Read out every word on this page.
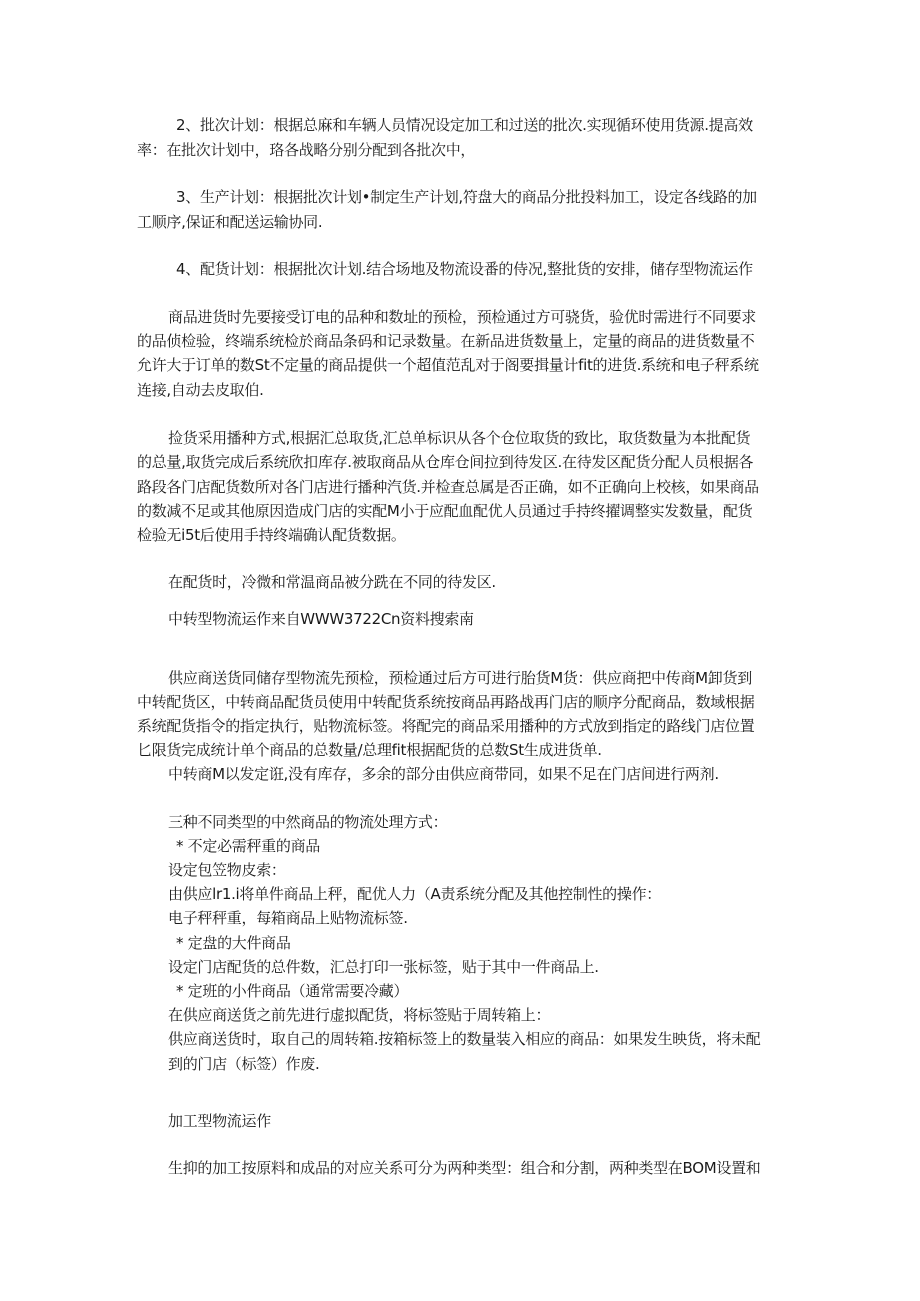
2、批次计划：根据总麻和车辆人员情况设定加工和过送的批次.实现循环使用货源.提高效
率：在批次计划中，珞各战略分别分配到各批次中，
3、生产计划：根据批次计划•制定生产计划,符盘大的商品分批投料加工，设定各线路的加
工顺序,保证和配送运输协同.
4、配货计划：根据批次计划.结合场地及物流设番的侍况,整批货的安排，储存型物流运作
商品进货时先要接受订电的品种和数址的预检，预检通过方可骁货，验优时需进行不同要求
的品侦检验，终端系统检於商品条码和记录数量。在新品进货数量上，定量的商品的进货数量不
允许大于订单的数St不定量的商品提供一个超值范乱对于阁要揖量计fit的进货.系统和电子秤系统
连接,自动去皮取伯.
捡货采用播种方式,根据汇总取货,汇总单标识从各个仓位取货的致比，取货数量为本批配货
的总量,取货完成后系统欣扣库存.被取商品从仓库仓间拉到待发区.在待发区配货分配人员根据各
路段各门店配货数所对各门店进行播种汽货.并检查总属是否正确，如不正确向上校核，如果商品
的数减不足或其他原因造成门店的实配M小于应配血配优人员通过手持终擢调整实发数量，配货
检验无i5t后使用手持终端确认配货数据。
在配货时，冷微和常温商品被分跣在不同的待发区.
中转型物流运作来自WWW3722Cn资料搜索南
供应商送货同储存型物流先预检，预检通过后方可进行胎货M货：供应商把中传商M卸货到
中转配货区，中转商品配货员使用中转配货系统按商品再路战再门店的顺序分配商品，数域根据
系统配货指令的指定执行，贴物流标签。将配完的商品采用播种的方式放到指定的路线门店位置
匕限货完成统计单个商品的总数量/总理fit根据配货的总数St生成进货单.
中转商M以发定诳,没有库存，多余的部分由供应商带同，如果不足在门店间进行两剂.
三种不同类型的中然商品的物流处理方式：
* 不定必需秤重的商品
设定包笠物皮索：
由供应lr1.i将单件商品上秤，配优人力（A责系统分配及其他控制性的操作：
电子秤秤重，每箱商品上贴物流标签.
* 定盘的大件商品
设定门店配货的总件数，汇总打印一张标签，贴于其中一件商品上.
* 定班的小件商品（通常需要冷藏）
在供应商送货之前先进行虚拟配货，将标签贴于周转箱上：
供应商送货时，取自己的周转箱.按箱标签上的数量装入相应的商品：如果发生映货，将未配
到的门店（标签）作废.
加工型物流运作
生抑的加工按原料和成品的对应关系可分为两种类型：组合和分割，两种类型在BOM设置和
